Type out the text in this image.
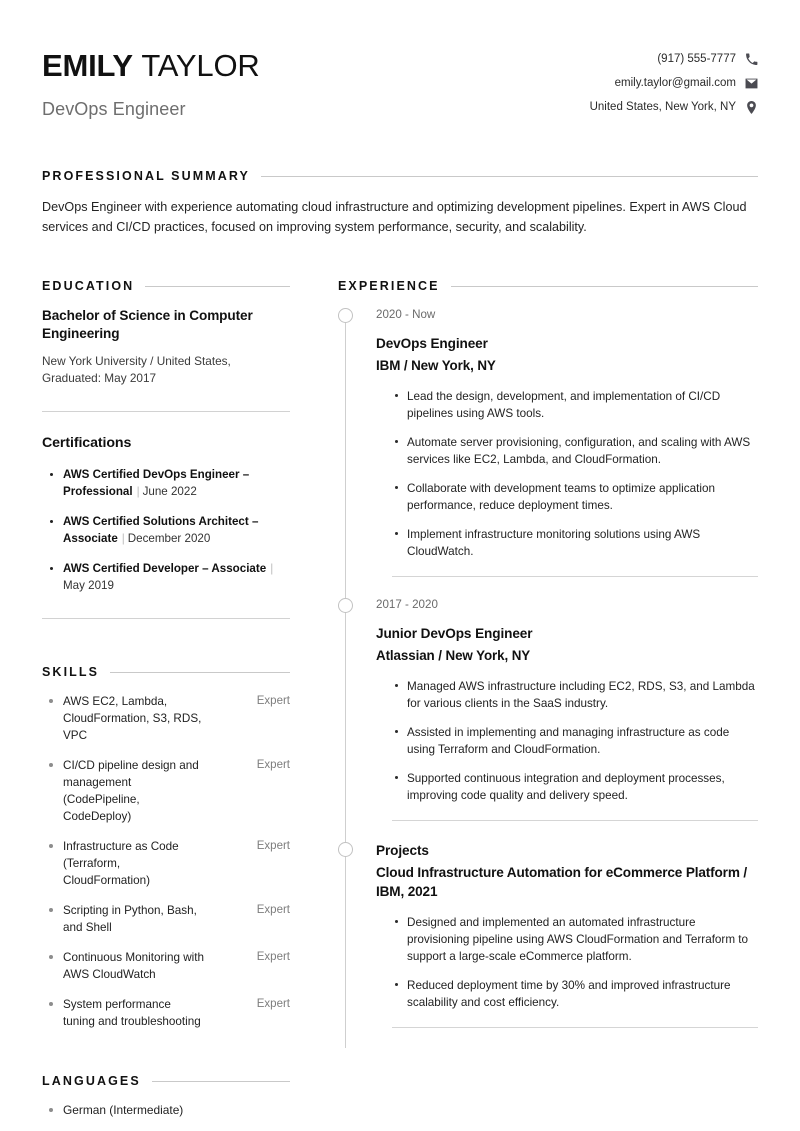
EMILY TAYLOR
DevOps Engineer
(917) 555-7777
emily.taylor@gmail.com
United States, New York, NY
PROFESSIONAL SUMMARY
DevOps Engineer with experience automating cloud infrastructure and optimizing development pipelines. Expert in AWS Cloud services and CI/CD practices, focused on improving system performance, security, and scalability.
EDUCATION
Bachelor of Science in Computer Engineering
New York University / United States, Graduated: May 2017
Certifications
AWS Certified DevOps Engineer – Professional | June 2022
AWS Certified Solutions Architect – Associate | December 2020
AWS Certified Developer – Associate |May 2019
SKILLS
AWS EC2, Lambda, CloudFormation, S3, RDS, VPC
Expert
CI/CD pipeline design and management (CodePipeline, CodeDeploy)
Expert
Infrastructure as Code (Terraform, CloudFormation)
Expert
Scripting in Python, Bash, and Shell
Expert
Continuous Monitoring with AWS CloudWatch
Expert
System performance tuning and troubleshooting
Expert
LANGUAGES
German (Intermediate)
EXPERIENCE
2020 - Now
DevOps Engineer
IBM / New York, NY
Lead the design, development, and implementation of CI/CD pipelines using AWS tools.
Automate server provisioning, configuration, and scaling with AWS services like EC2, Lambda, and CloudFormation.
Collaborate with development teams to optimize application performance, reduce deployment times.
Implement infrastructure monitoring solutions using AWS CloudWatch.
2017 - 2020
Junior DevOps Engineer
Atlassian / New York, NY
Managed AWS infrastructure including EC2, RDS, S3, and Lambda for various clients in the SaaS industry.
Assisted in implementing and managing infrastructure as code using Terraform and CloudFormation.
Supported continuous integration and deployment processes, improving code quality and delivery speed.
Projects
Cloud Infrastructure Automation for eCommerce Platform / IBM, 2021
Designed and implemented an automated infrastructure provisioning pipeline using AWS CloudFormation and Terraform to support a large-scale eCommerce platform.
Reduced deployment time by 30% and improved infrastructure scalability and cost efficiency.
